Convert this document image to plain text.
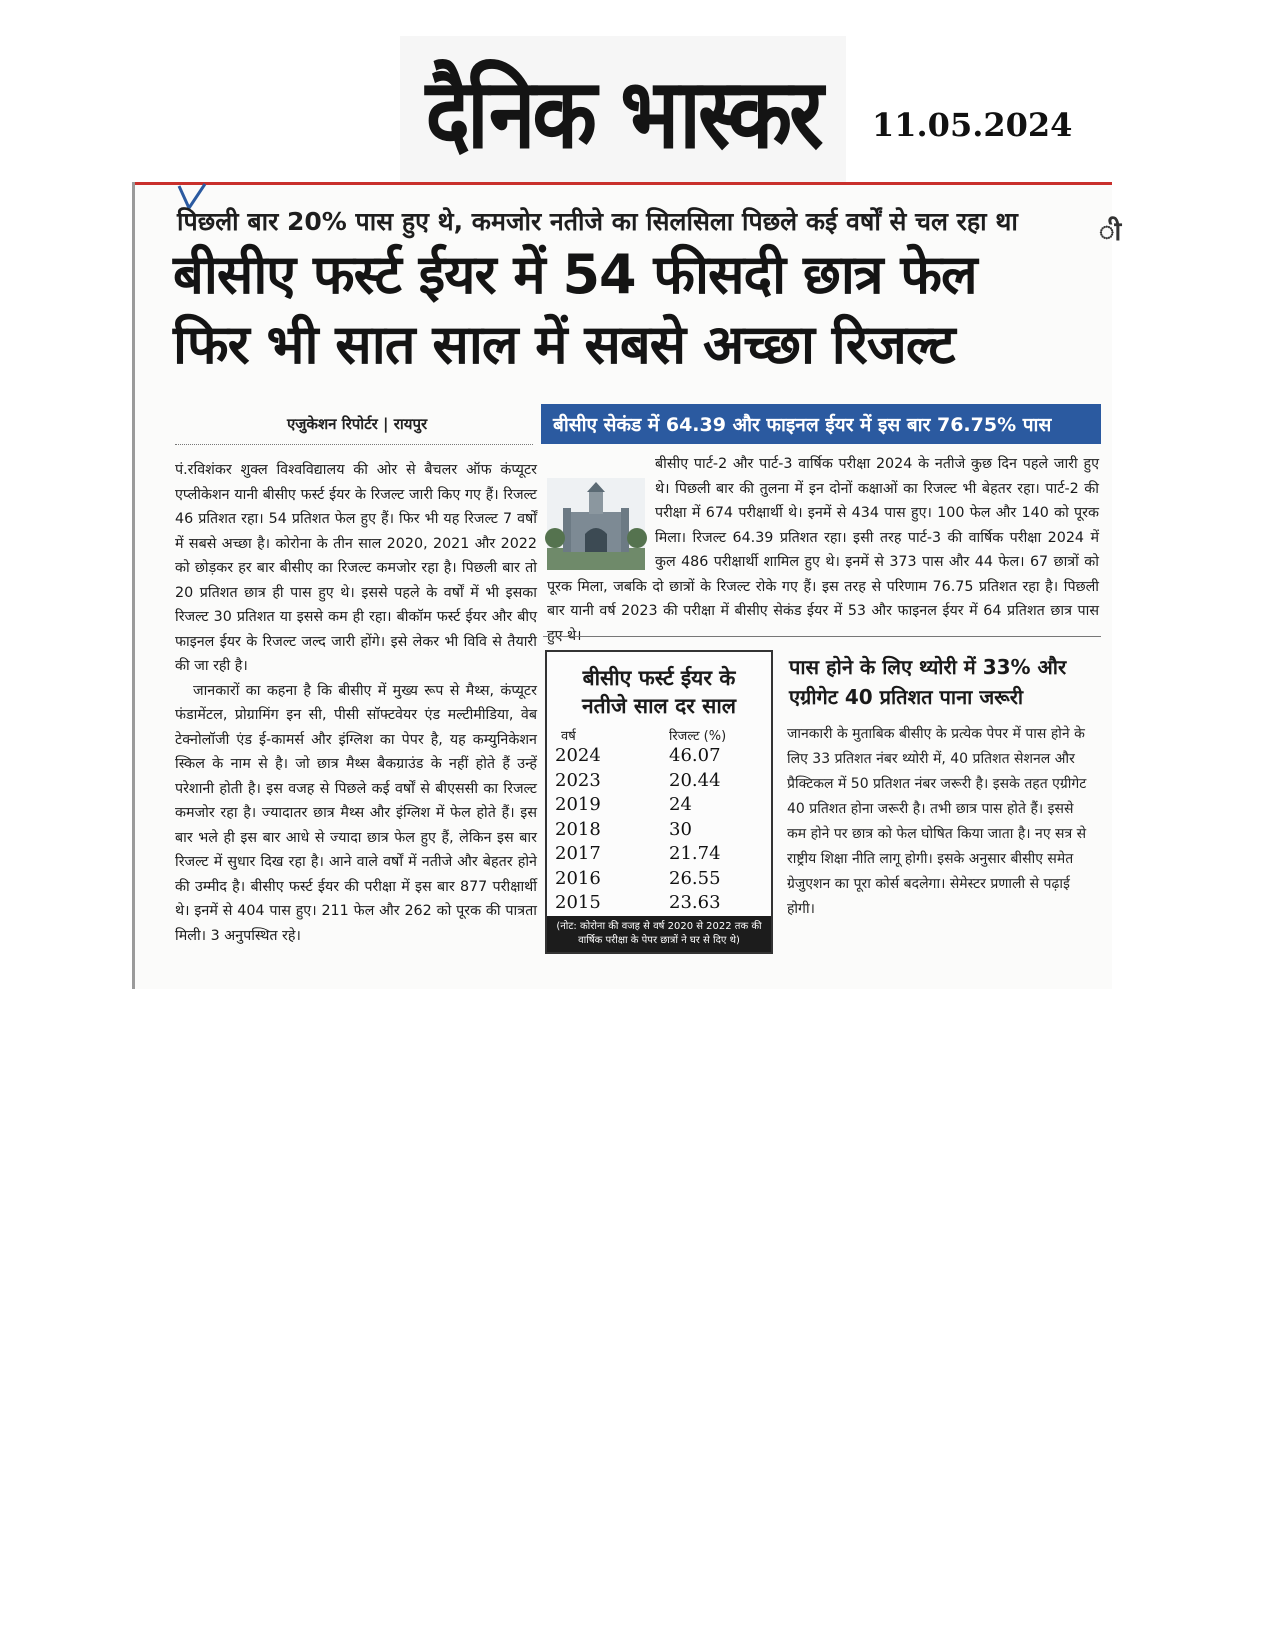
दैनिक भास्कर 11.05.2024
ी
पिछली बार 20% पास हुए थे, कमजोर नतीजे का सिलसिला पिछले कई वर्षों से चल रहा था
बीसीए फर्स्ट ईयर में 54 फीसदी छात्र फेल
फिर भी सात साल में सबसे अच्छा रिजल्ट
एजुकेशन रिपोर्टर | रायपुर	बीसीए सेकंड में 64.39 और फाइनल ईयर में इस बार 76.75% पास

पं.रविशंकर शुक्ल विश्वविद्यालय की ओर से बैचलर ऑफ कंप्यूटर एप्लीकेशन यानी बीसीए फर्स्ट ईयर के रिजल्ट जारी किए गए हैं। रिजल्ट 46 प्रतिशत रहा। 54 प्रतिशत फेल हुए हैं। फिर भी यह रिजल्ट 7 वर्षों में सबसे अच्छा है। कोरोना के तीन साल 2020, 2021 और 2022 को छोड़कर हर बार बीसीए का रिजल्ट कमजोर रहा है। पिछली बार तो 20 प्रतिशत छात्र ही पास हुए थे। इससे पहले के वर्षों में भी इसका रिजल्ट 30 प्रतिशत या इससे कम ही रहा। बीकॉम फर्स्ट ईयर और बीए फाइनल ईयर के रिजल्ट जल्द जारी होंगे। इसे लेकर भी विवि से तैयारी की जा रही है।

जानकारों का कहना है कि बीसीए में मुख्य रूप से मैथ्स, कंप्यूटर फंडामेंटल, प्रोग्रामिंग इन सी, पीसी सॉफ्टवेयर एंड मल्टीमीडिया, वेब टेक्नोलॉजी एंड ई-कामर्स और इंग्लिश का पेपर है, यह कम्युनिकेशन स्किल के नाम से है। जो छात्र मैथ्स बैकग्राउंड के नहीं होते हैं उन्हें परेशानी होती है। इस वजह से पिछले कई वर्षों से बीएससी का रिजल्ट कमजोर रहा है। ज्यादातर छात्र मैथ्स और इंग्लिश में फेल होते हैं। इस बार भले ही इस बार आधे से ज्यादा छात्र फेल हुए हैं, लेकिन इस बार रिजल्ट में सुधार दिख रहा है। आने वाले वर्षों में नतीजे और बेहतर होने की उम्मीद है। बीसीए फर्स्ट ईयर की परीक्षा में इस बार 877 परीक्षार्थी थे। इनमें से 404 पास हुए। 211 फेल और 262 को पूरक की पात्रता मिली। 3 अनुपस्थित रहे।

बीसीए पार्ट-2 और पार्ट-3 वार्षिक परीक्षा 2024 के नतीजे कुछ दिन पहले जारी हुए थे। पिछली बार की तुलना में इन दोनों कक्षाओं का रिजल्ट भी बेहतर रहा। पार्ट-2 की परीक्षा में 674 परीक्षार्थी थे। इनमें से 434 पास हुए। 100 फेल और 140 को पूरक मिला। रिजल्ट 64.39 प्रतिशत रहा। इसी तरह पार्ट-3 की वार्षिक परीक्षा 2024 में कुल 486 परीक्षार्थी शामिल हुए थे। इनमें से 373 पास और 44 फेल। 67 छात्रों को पूरक मिला, जबकि दो छात्रों के रिजल्ट रोके गए हैं। इस तरह से परिणाम 76.75 प्रतिशत रहा है। पिछली बार यानी वर्ष 2023 की परीक्षा में बीसीए सेकंड ईयर में 53 और फाइनल ईयर में 64 प्रतिशत छात्र पास हुए थे।

बीसीए फर्स्ट ईयर के
नतीजे साल दर साल
वर्ष	रिजल्ट (%)
2024	46.07
2023	20.44
2019	24
2018	30
2017	21.74
2016	26.55
2015	23.63
(नोट: कोरोना की वजह से वर्ष 2020 से 2022 तक की वार्षिक परीक्षा के पेपर छात्रों ने घर से दिए थे)
पास होने के लिए थ्योरी में 33% और
एग्रीगेट 40 प्रतिशत पाना जरूरी

जानकारी के मुताबिक बीसीए के प्रत्येक पेपर में पास होने के लिए 33 प्रतिशत नंबर थ्योरी में, 40 प्रतिशत सेशनल और प्रैक्टिकल में 50 प्रतिशत नंबर जरूरी है। इसके तहत एग्रीगेट 40 प्रतिशत होना जरूरी है। तभी छात्र पास होते हैं। इससे कम होने पर छात्र को फेल घोषित किया जाता है। नए सत्र से राष्ट्रीय शिक्षा नीति लागू होगी। इसके अनुसार बीसीए समेत ग्रेजुएशन का पूरा कोर्स बदलेगा। सेमेस्टर प्रणाली से पढ़ाई होगी।
